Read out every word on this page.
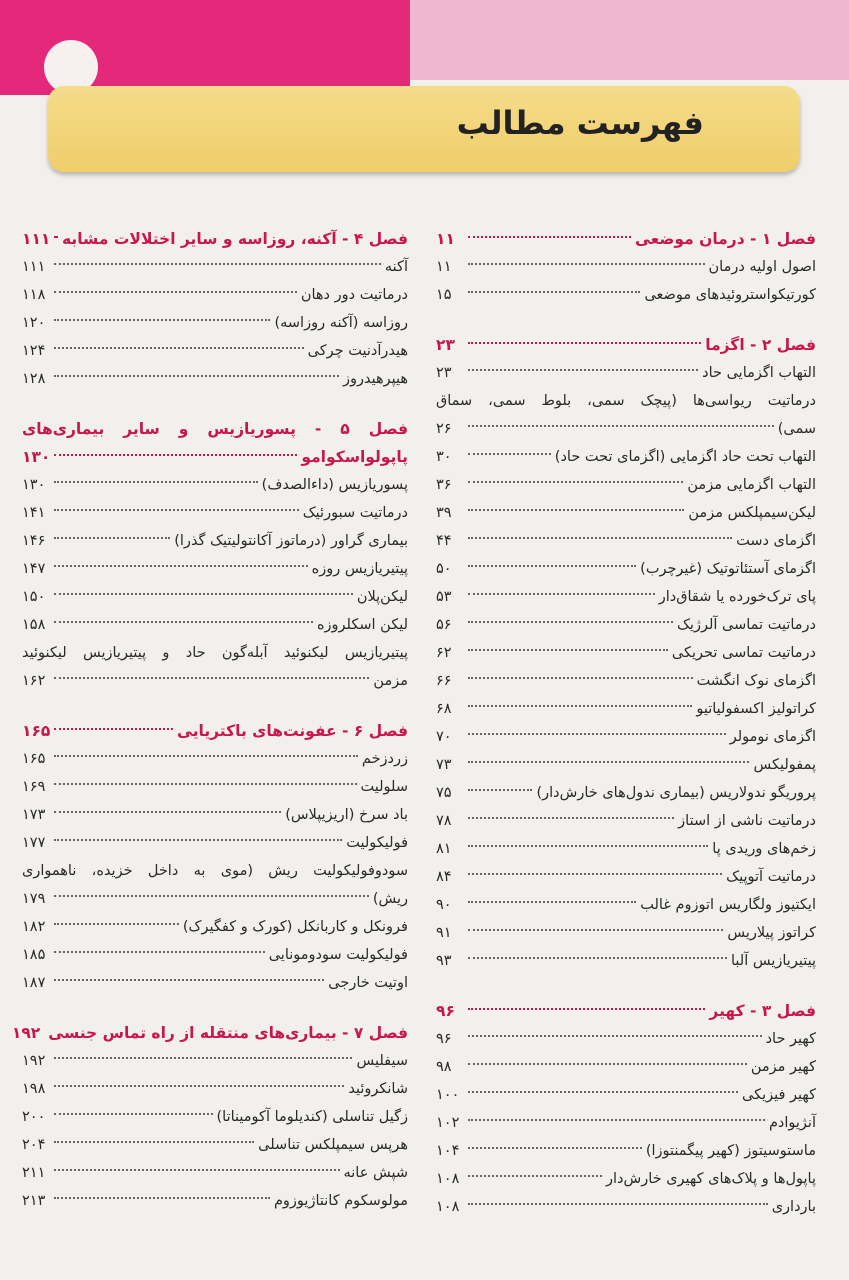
فهرست مطالب
فصل ۱ - درمان موضعی
۱۱
اصول اولیه درمان
۱۱
کورتیکواستروئیدهای موضعی
۱۵
فصل ۲ - اگزما
۲۳
التهاب اگزمایی حاد
۲۳
درماتیت ریواسی‌ها (پیچک سمی، بلوط سمی، سماق
سمی)
۲۶
التهاب تحت حاد اگزمایی (اگزمای تحت حاد)
۳۰
التهاب اگزمایی مزمن
۳۶
لیکن‌سیمپلکس مزمن
۳۹
اگزمای دست
۴۴
اگزمای آستئاتوتیک (غیرچرب)
۵۰
پای ترک‌خورده یا شقاق‌دار
۵۳
درماتیت تماسی آلرژیک
۵۶
درماتیت تماسی تحریکی
۶۲
اگزمای نوک انگشت
۶۶
کراتولیز اکسفولیاتیو
۶۸
اگزمای نومولر
۷۰
پمفولیکس
۷۳
پروریگو ندولاریس (بیماری ندول‌های خارش‌دار)
۷۵
درماتیت ناشی از استاز
۷۸
زخم‌های وریدی پا
۸۱
درماتیت آتوپیک
۸۴
ایکتیوز ولگاریس اتوزوم غالب
۹۰
کراتوز پیلاریس
۹۱
پیتیریازیس آلبا
۹۳
فصل ۳ - کهیر
۹۶
کهیر حاد
۹۶
کهیر مزمن
۹۸
کهیر فیزیکی
۱۰۰
آنژیوادم
۱۰۲
ماستوسیتوز (کهیر پیگمنتوزا)
۱۰۴
پاپول‌ها و پلاک‌های کهیری خارش‌دار
۱۰۸
بارداری
۱۰۸
فصل ۴ - آکنه، روزاسه و سایر اختلالات مشابه
۱۱۱
آکنه
۱۱۱
درماتیت دور دهان
۱۱۸
روزاسه (آکنه روزاسه)
۱۲۰
هیدرآدنیت چرکی
۱۲۴
هیپرهیدروز
۱۲۸
فصل ۵ - پسوریازیس و سایر بیماری‌های
پاپولواسکوامو
۱۳۰
پسوریازیس (داءالصدف)
۱۳۰
درماتیت سبورئیک
۱۴۱
بیماری گراور (درماتوز آکانتولیتیک گذرا)
۱۴۶
پیتیریازیس روزه
۱۴۷
لیکن‌پلان
۱۵۰
لیکن اسکلروزه
۱۵۸
پیتیریازیس لیکنوئید آبله‌گون حاد و پیتیریازیس لیکنوئید
مزمن
۱۶۲
فصل ۶ - عفونت‌های باکتریایی
۱۶۵
زردزخم
۱۶۵
سلولیت
۱۶۹
باد سرخ (اریزیپلاس)
۱۷۳
فولیکولیت
۱۷۷
سودوفولیکولیت ریش (موی به داخل خزیده، ناهمواری
ریش)
۱۷۹
فرونکل و کاربانکل (کورک و کفگیرک)
۱۸۲
فولیکولیت سودومونایی
۱۸۵
اوتیت خارجی
۱۸۷
فصل ۷ - بیماری‌های منتقله از راه تماس جنسی
۱۹۲
سیفلیس
۱۹۲
شانکروئید
۱۹۸
زگیل تناسلی (کندیلوما آکومیناتا)
۲۰۰
هرپس سیمپلکس تناسلی
۲۰۴
شپش عانه
۲۱۱
مولوسکوم کانتاژیوزوم
۲۱۳
